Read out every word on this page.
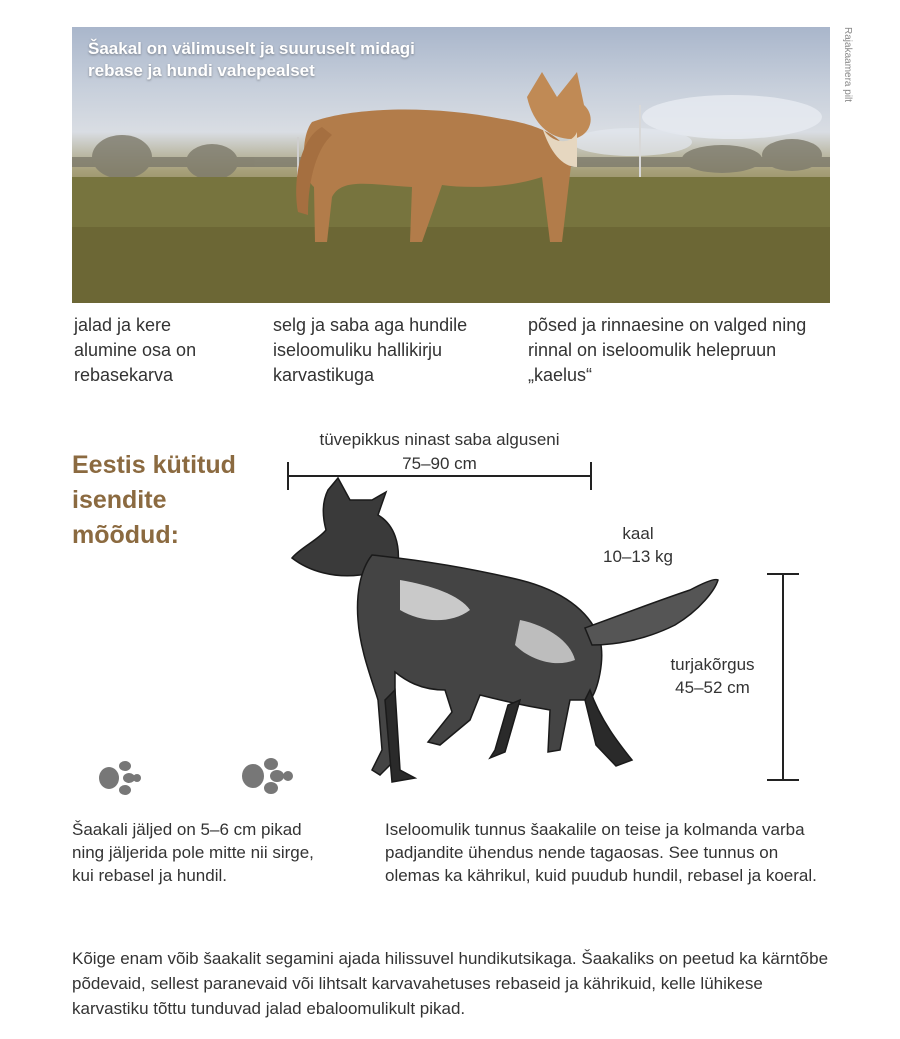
Šaakal on välimuselt ja suuruselt midagi rebase ja hundi vahepealset	Rajakaamera pilt
jalad ja kere alumine osa on rebasekarva
selg ja saba aga hundile iseloomuliku hallikirju karvastikuga
põsed ja rinnaesine on valged ning rinnal on iseloomulik helepruun „kaelus“
Eestis kütitud isendite mõõdud:
tüvepikkus ninast saba alguseni
75–90 cm
kaal
10–13 kg
turjakõrgus
45–52 cm
Šaakali jäljed on 5–6 cm pikad ning jäljerida pole mitte nii sirge, kui rebasel ja hundil.
Iseloomulik tunnus šaakalile on teise ja kolmanda varba padjandite ühendus nende tagaosas. See tunnus on olemas ka kährikul, kuid puudub hundil, rebasel ja koeral.
Kõige enam võib šaakalit segamini ajada hilissuvel hundikutsikaga. Šaakaliks on peetud ka kärntõbe põdevaid, sellest paranevaid või lihtsalt karvavahetuses rebaseid ja kährikuid, kelle lühikese karvastiku tõttu tunduvad jalad ebaloomulikult pikad.
